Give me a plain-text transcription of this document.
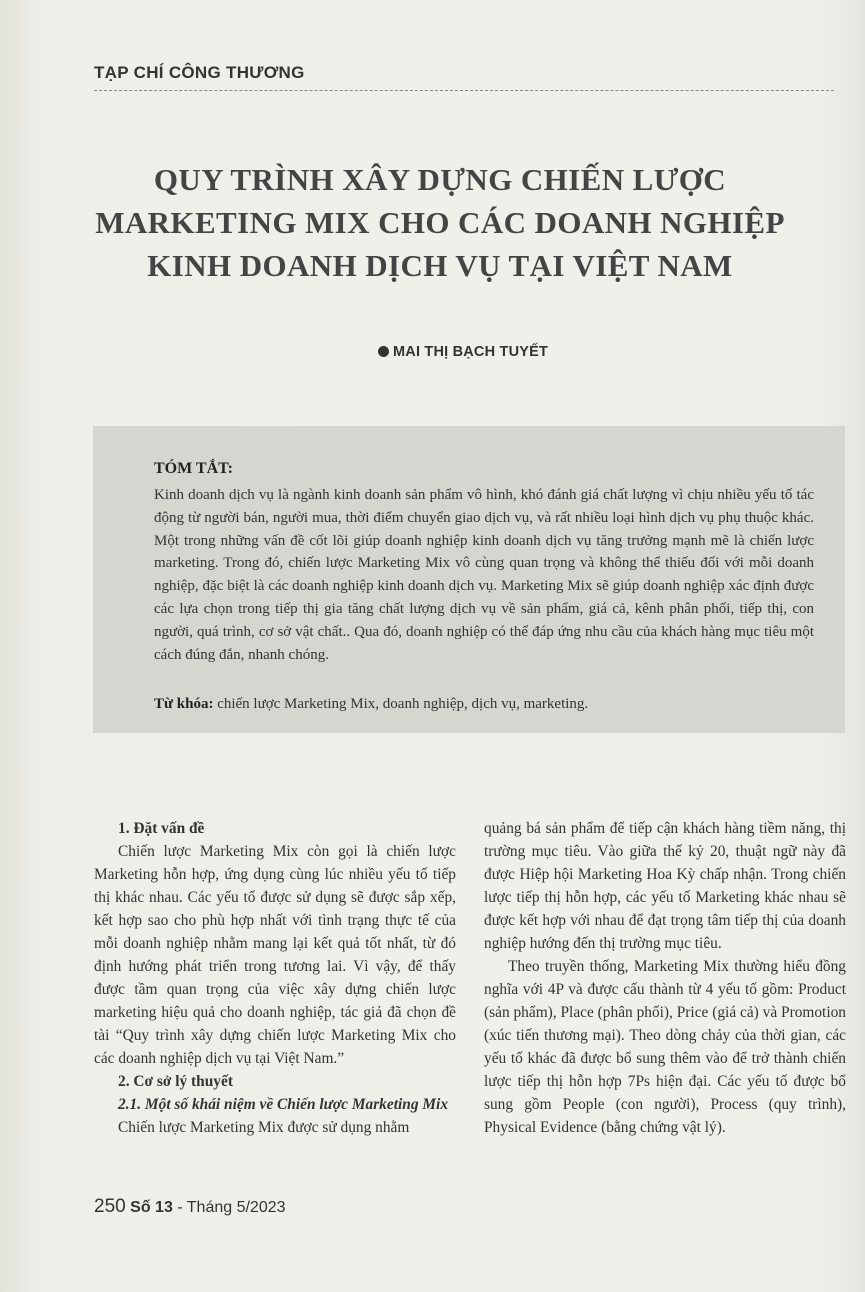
TẠP CHÍ CÔNG THƯƠNG
QUY TRÌNH XÂY DỰNG CHIẾN LƯỢC
MARKETING MIX CHO CÁC DOANH NGHIỆP
KINH DOANH DỊCH VỤ TẠI VIỆT NAM
MAI THỊ BẠCH TUYẾT
TÓM TẮT:

Kinh doanh dịch vụ là ngành kinh doanh sản phẩm vô hình, khó đánh giá chất lượng vì chịu nhiều yếu tố tác động từ người bán, người mua, thời điểm chuyển giao dịch vụ, và rất nhiều loại hình dịch vụ phụ thuộc khác. Một trong những vấn đề cốt lõi giúp doanh nghiệp kinh doanh dịch vụ tăng trưởng mạnh mẽ là chiến lược marketing. Trong đó, chiến lược Marketing Mix vô cùng quan trọng và không thể thiếu đối với mỗi doanh nghiệp, đặc biệt là các doanh nghiệp kinh doanh dịch vụ. Marketing Mix sẽ giúp doanh nghiệp xác định được các lựa chọn trong tiếp thị gia tăng chất lượng dịch vụ về sản phẩm, giá cả, kênh phân phối, tiếp thị, con người, quá trình, cơ sở vật chất.. Qua đó, doanh nghiệp có thể đáp ứng nhu cầu của khách hàng mục tiêu một cách đúng đắn, nhanh chóng.

Từ khóa: chiến lược Marketing Mix, doanh nghiệp, dịch vụ, marketing.

1. Đặt vấn đề

Chiến lược Marketing Mix còn gọi là chiến lược Marketing hỗn hợp, ứng dụng cùng lúc nhiều yếu tố tiếp thị khác nhau. Các yếu tố được sử dụng sẽ được sắp xếp, kết hợp sao cho phù hợp nhất với tình trạng thực tế của mỗi doanh nghiệp nhằm mang lại kết quả tốt nhất, từ đó định hướng phát triển trong tương lai. Vì vậy, để thấy được tầm quan trọng của việc xây dựng chiến lược marketing hiệu quả cho doanh nghiệp, tác giả đã chọn đề tài “Quy trình xây dựng chiến lược Marketing Mix cho các doanh nghiệp dịch vụ tại Việt Nam.”

2. Cơ sở lý thuyết

2.1. Một số khái niệm về Chiến lược Marketing Mix

Chiến lược Marketing Mix được sử dụng nhằm

quảng bá sản phẩm để tiếp cận khách hàng tiềm năng, thị trường mục tiêu. Vào giữa thế kỷ 20, thuật ngữ này đã được Hiệp hội Marketing Hoa Kỳ chấp nhận. Trong chiến lược tiếp thị hỗn hợp, các yếu tố Marketing khác nhau sẽ được kết hợp với nhau để đạt trọng tâm tiếp thị của doanh nghiệp hướng đến thị trường mục tiêu.

Theo truyền thống, Marketing Mix thường hiểu đồng nghĩa với 4P và được cấu thành từ 4 yếu tố gồm: Product (sản phẩm), Place (phân phối), Price (giá cả) và Promotion (xúc tiến thương mại). Theo dòng chảy của thời gian, các yếu tố khác đã được bổ sung thêm vào để trở thành chiến lược tiếp thị hỗn hợp 7Ps hiện đại. Các yếu tố được bổ sung gồm People (con người), Process (quy trình), Physical Evidence (bằng chứng vật lý).

250 Số 13 - Tháng 5/2023
